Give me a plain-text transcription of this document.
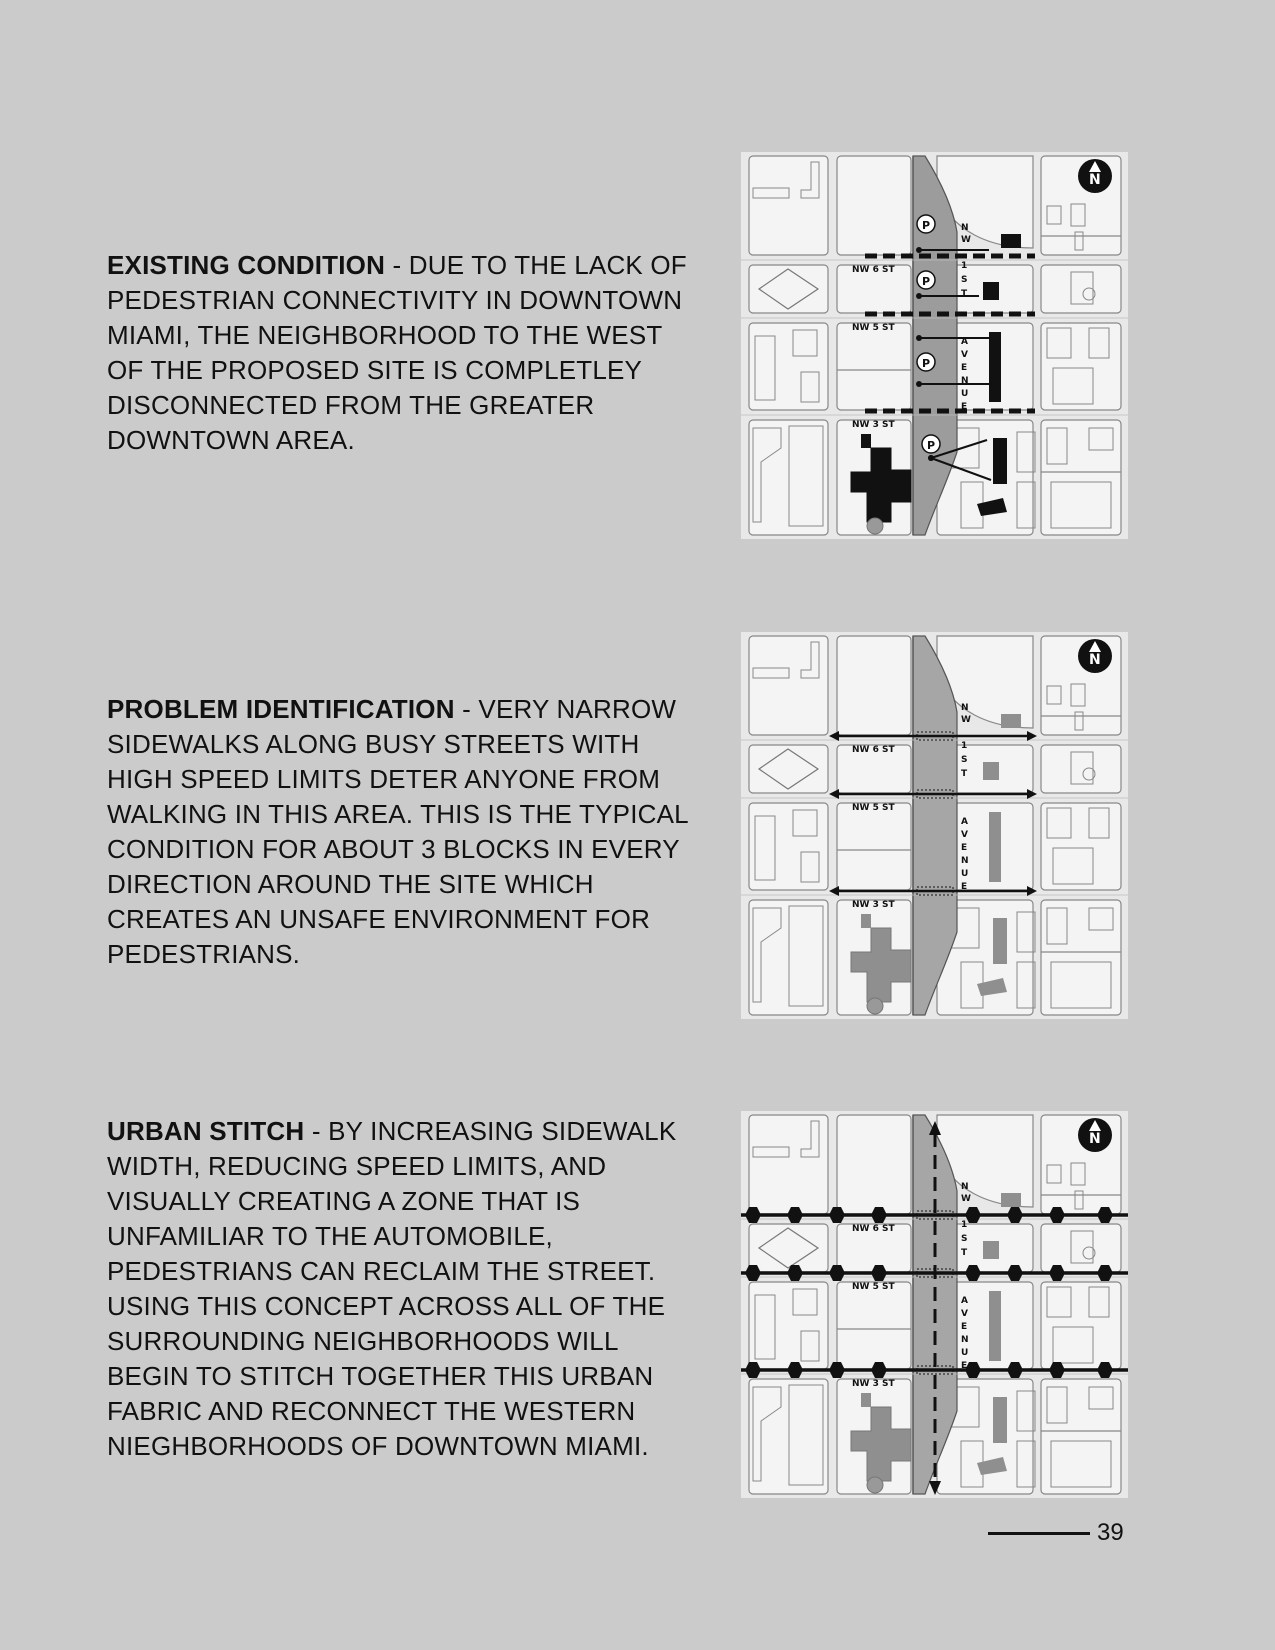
EXISTING CONDITION - DUE TO THE LACK OF PEDESTRIAN CONNECTIVITY IN DOWNTOWN MIAMI, THE NEIGHBORHOOD TO THE WEST OF THE PROPOSED SITE IS COMPLETLEY DISCONNECTED FROM THE GREATER DOWNTOWN AREA.

N
NW 6 ST
NW 5 ST
NW 3 ST
N
W
1
S
T
A
V
E
N
U
E
P
P
P
P

PROBLEM IDENTIFICATION - VERY NARROW SIDEWALKS ALONG BUSY STREETS WITH HIGH SPEED LIMITS DETER ANYONE FROM WALKING IN THIS AREA. THIS IS THE TYPICAL CONDITION FOR ABOUT 3 BLOCKS IN EVERY DIRECTION AROUND THE SITE WHICH CREATES AN UNSAFE ENVIRONMENT FOR PEDESTRIANS.

N
NW 6 ST
NW 5 ST
NW 3 ST
N
W
1
S
T
A
V
E
N
U
E

URBAN STITCH - BY INCREASING SIDEWALK WIDTH, REDUCING SPEED LIMITS, AND VISUALLY CREATING A ZONE THAT IS UNFAMILIAR TO THE AUTOMOBILE, PEDESTRIANS CAN RECLAIM THE STREET. USING THIS CONCEPT ACROSS ALL OF THE SURROUNDING NEIGHBORHOODS WILL BEGIN TO STITCH TOGETHER THIS URBAN FABRIC AND RECONNECT THE WESTERN NIEGHBORHOODS OF DOWNTOWN MIAMI.

N
NW 6 ST
NW 5 ST
NW 3 ST
N
W
1
S
T
A
V
E
N
U
E
39
